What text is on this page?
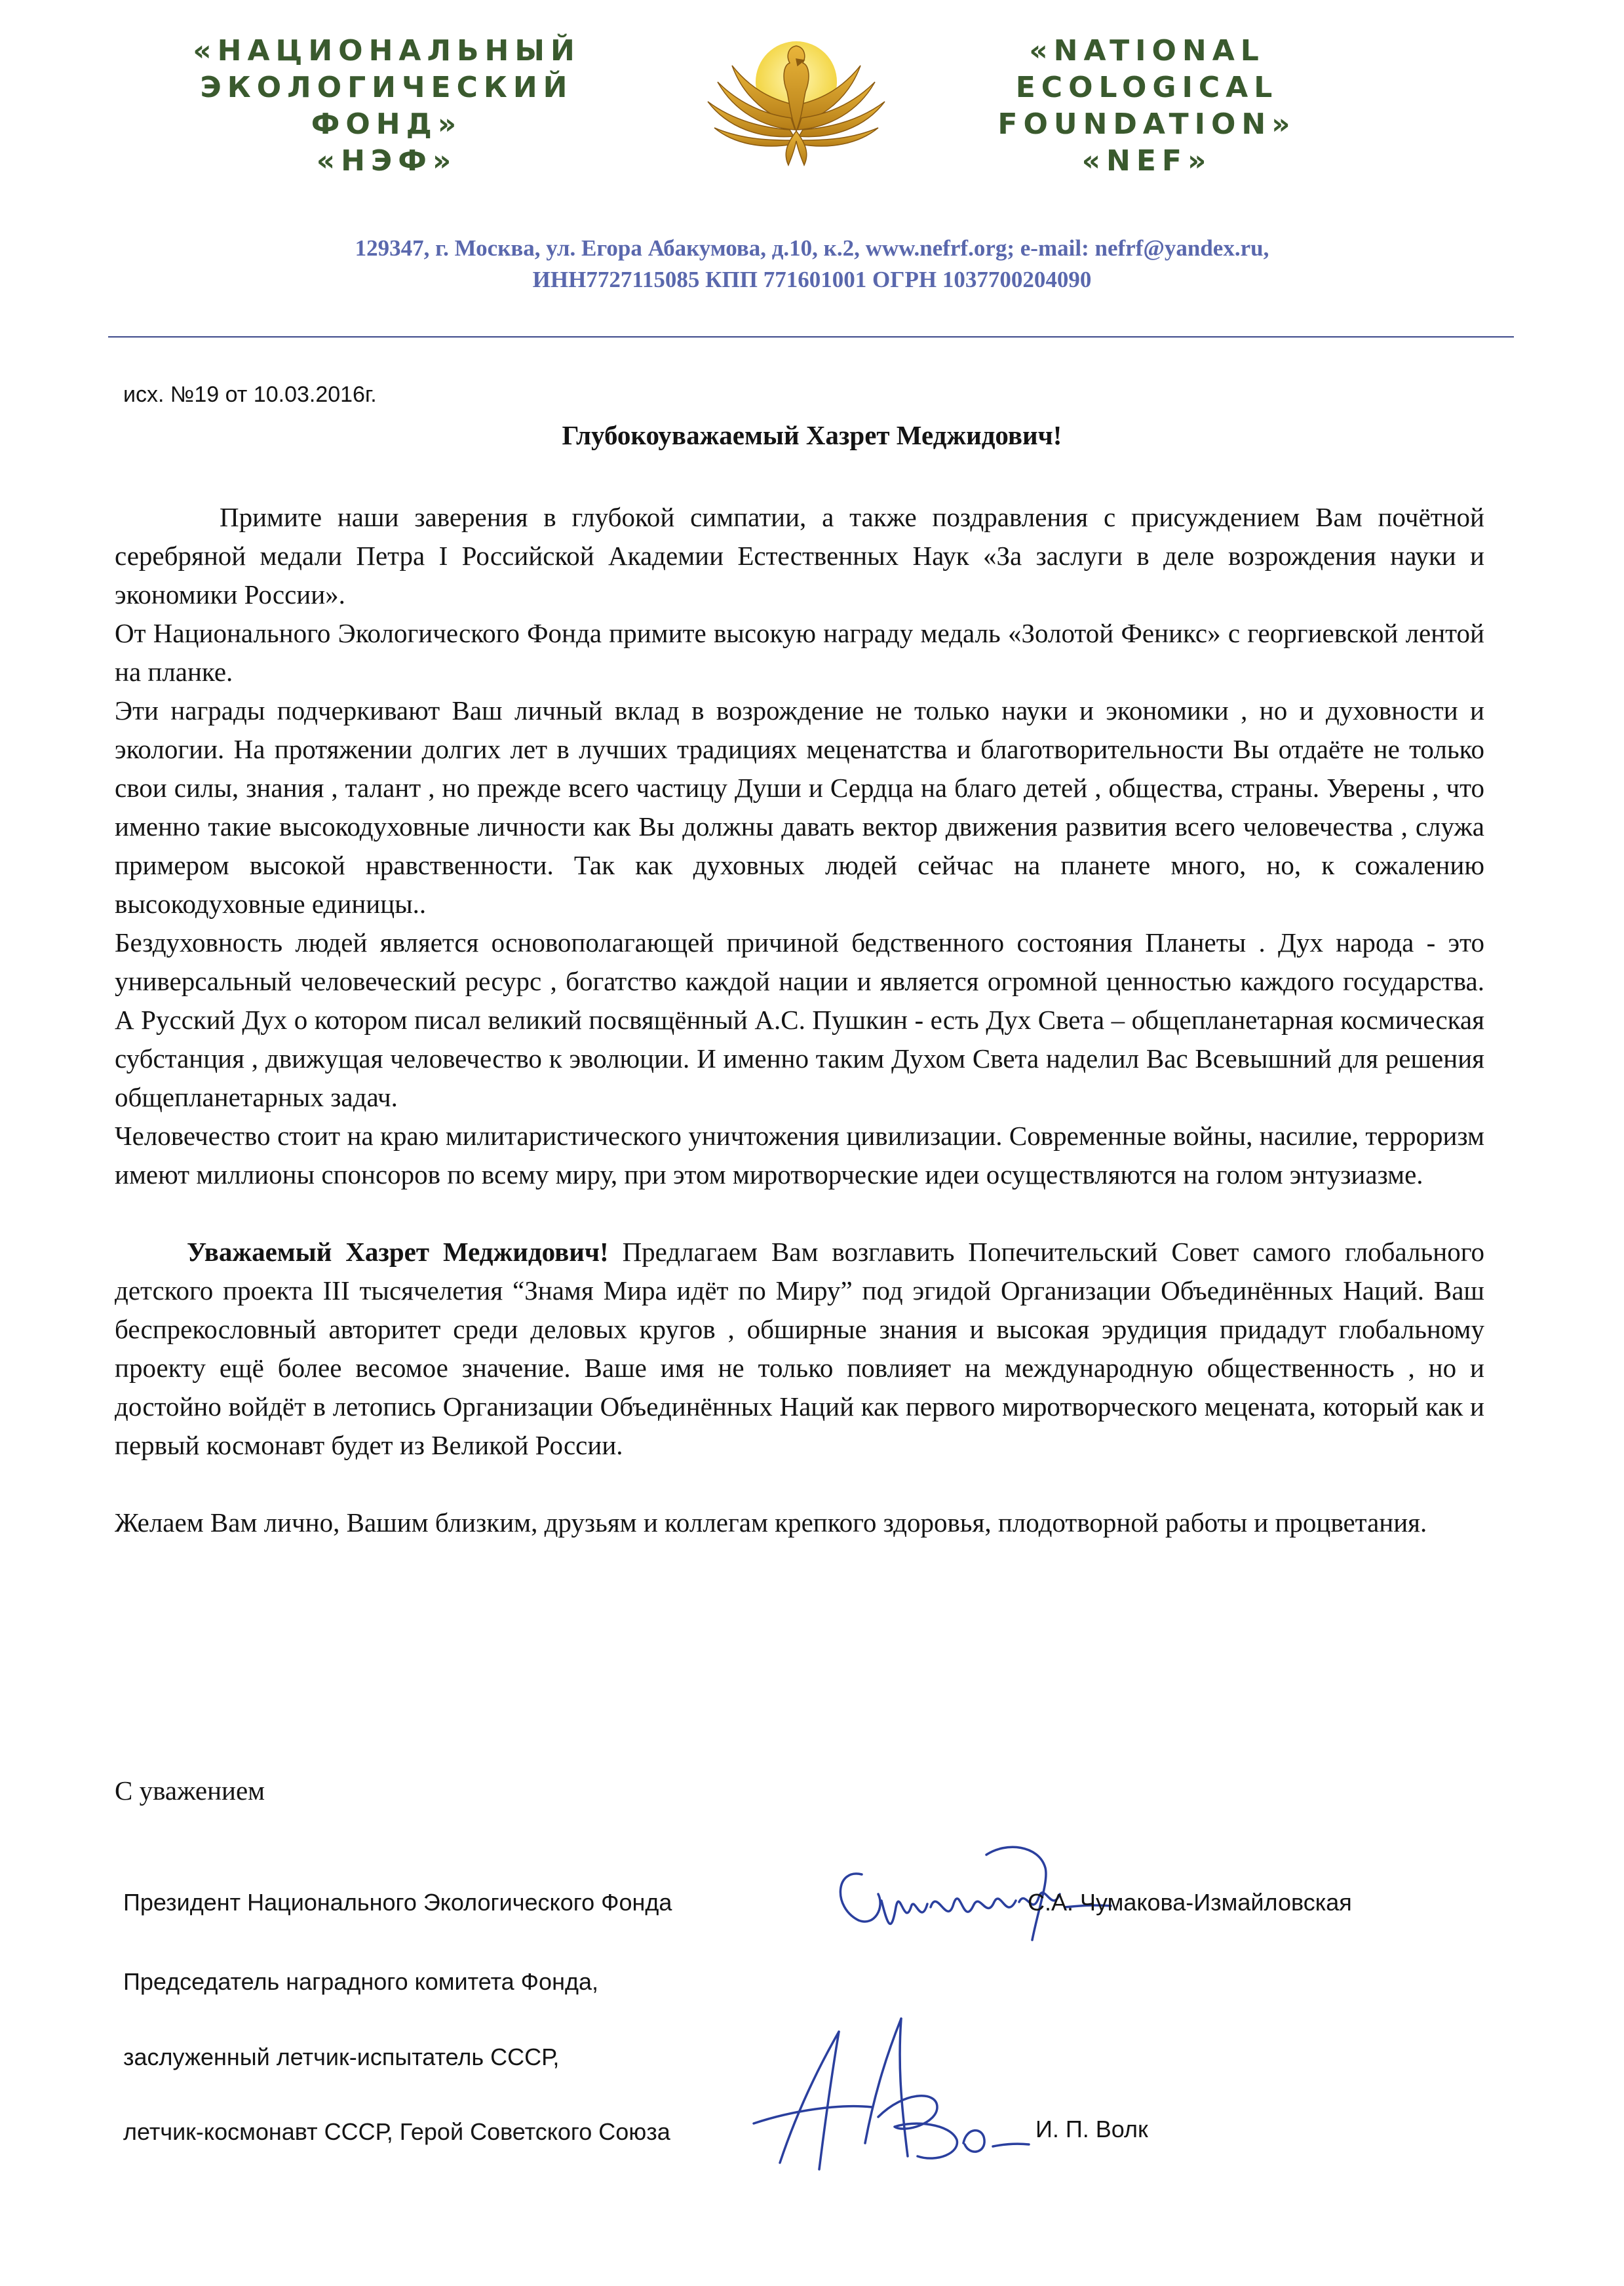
«НАЦИОНАЛЬНЫЙ
ЭКОЛОГИЧЕСКИЙ
ФОНД»
«НЭФ»
«NATIONAL
ECOLOGICAL
FOUNDATION»
«NEF»
129347, г. Москва, ул. Егора Абакумова, д.10, к.2, www.nefrf.org; e-mail: nefrf@yandex.ru,
ИНН7727115085 КПП 771601001 ОГРН 1037700204090
исх. №19 от 10.03.2016г.
Глубокоуважаемый Хазрет Меджидович!

Примите наши заверения в глубокой симпатии, а также поздравления с присуждением Вам почётной серебряной медали Петра I Российской Академии Естественных Наук «За заслуги в деле возрождения науки и экономики России».

От Национального Экологического Фонда примите высокую награду медаль «Золотой Феникс» с георгиевской лентой на планке.

Эти награды подчеркивают Ваш личный вклад в возрождение не только науки и экономики , но и духовности и экологии. На протяжении долгих лет в лучших традициях меценатства и благотворительности Вы отдаёте не только свои силы, знания , талант , но прежде всего частицу Души и Сердца на благо детей , общества, страны. Уверены , что именно такие высокодуховные личности как Вы должны давать вектор движения развития всего человечества , служа примером высокой нравственности. Так как духовных людей сейчас на планете много, но, к сожалению высокодуховные единицы..

Бездуховность людей является основополагающей причиной бедственного состояния Планеты . Дух народа - это универсальный человеческий ресурс , богатство каждой нации и является огромной ценностью каждого государства. А Русский Дух о котором писал великий посвящённый А.С. Пушкин - есть Дух Света – общепланетарная космическая субстанция , движущая человечество к эволюции. И именно таким Духом Света наделил Вас Всевышний для решения общепланетарных задач.

Человечество стоит на краю милитаристического уничтожения цивилизации. Современные войны, насилие, терроризм имеют миллионы спонсоров по всему миру, при этом миротворческие идеи осуществляются на голом энтузиазме.

Уважаемый Хазрет Меджидович! Предлагаем Вам возглавить Попечительский Совет самого глобального детского проекта III тысячелетия “Знамя Мира идёт по Миру” под эгидой Организации Объединённых Наций. Ваш беспрекословный авторитет среди деловых кругов , обширные знания и высокая эрудиция придадут глобальному проекту ещё более весомое значение. Ваше имя не только повлияет на международную общественность , но и достойно войдёт в летопись Организации Объединённых Наций как первого миротворческого мецената, который как и первый космонавт будет из Великой России.

Желаем Вам лично, Вашим близким, друзьям и коллегам крепкого здоровья, плодотворной работы и процветания.

С уважением
Президент Национального Экологического Фонда	С.А. Чумакова-Измайловская
Председатель наградного комитета Фонда,
заслуженный летчик-испытатель СССР,
летчик-космонавт СССР, Герой Советского Союза	И. П. Волк
